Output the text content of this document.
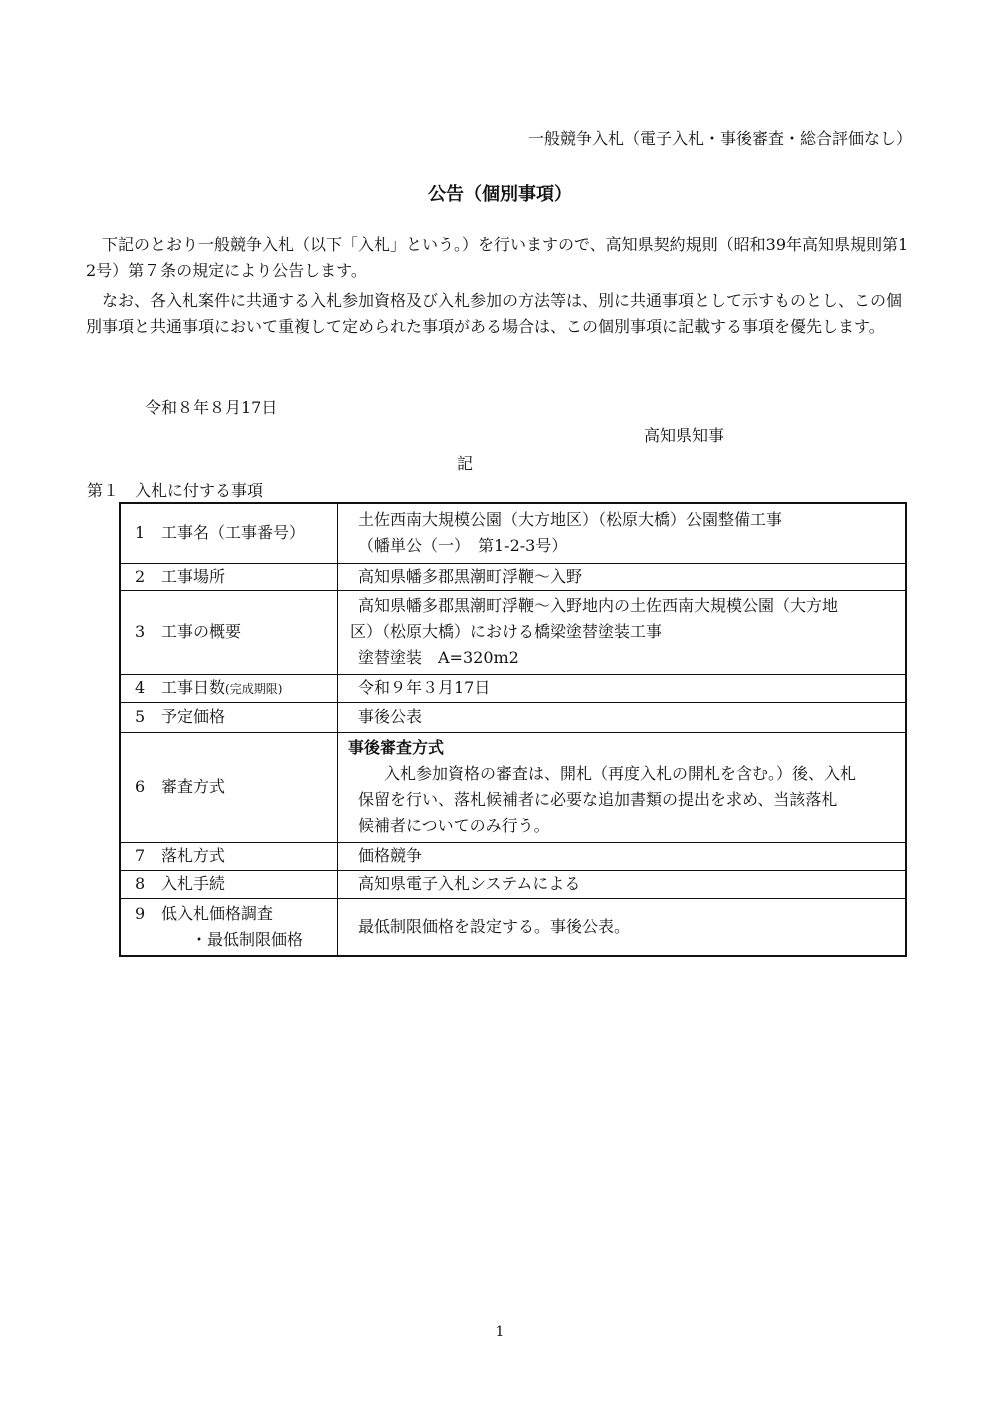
一般競争入札（電子入札・事後審査・総合評価なし）
公告（個別事項）
下記のとおり一般競争入札（以下「入札」という。）を行いますので、高知県契約規則（昭和39年高知県規則第12号）第７条の規定により公告します。
なお、各入札案件に共通する入札参加資格及び入札参加の方法等は、別に共通事項として示すものとし、この個別事項と共通事項において重複して定められた事項がある場合は、この個別事項に記載する事項を優先します。
令和８年８月17日
高知県知事
記
第１　入札に付する事項
1 工事名（工事番号）	土佐西南大規模公園（大方地区）（松原大橋）公園整備工事
（幡単公（一）　第1-2-3号）

2 工事場所	高知県幡多郡黒潮町浮鞭～入野

3 工事の概要	高知県幡多郡黒潮町浮鞭～入野地内の土佐西南大規模公園（大方地
区）（松原大橋）における橋梁塗替塗装工事
塗替塗装　A=320m2

4 工事日数(完成期限)	令和９年３月17日

5 予定価格	事後公表

6 審査方式	事後審査方式
入札参加資格の審査は、開札（再度入札の開札を含む。）後、入札
保留を行い、落札候補者に必要な追加書類の提出を求め、当該落札
候補者についてのみ行う。

7 落札方式	価格競争

8 入札手続	高知県電子入札システムによる

9 低入札価格調査
・最低制限価格	最低制限価格を設定する。事後公表。
1
